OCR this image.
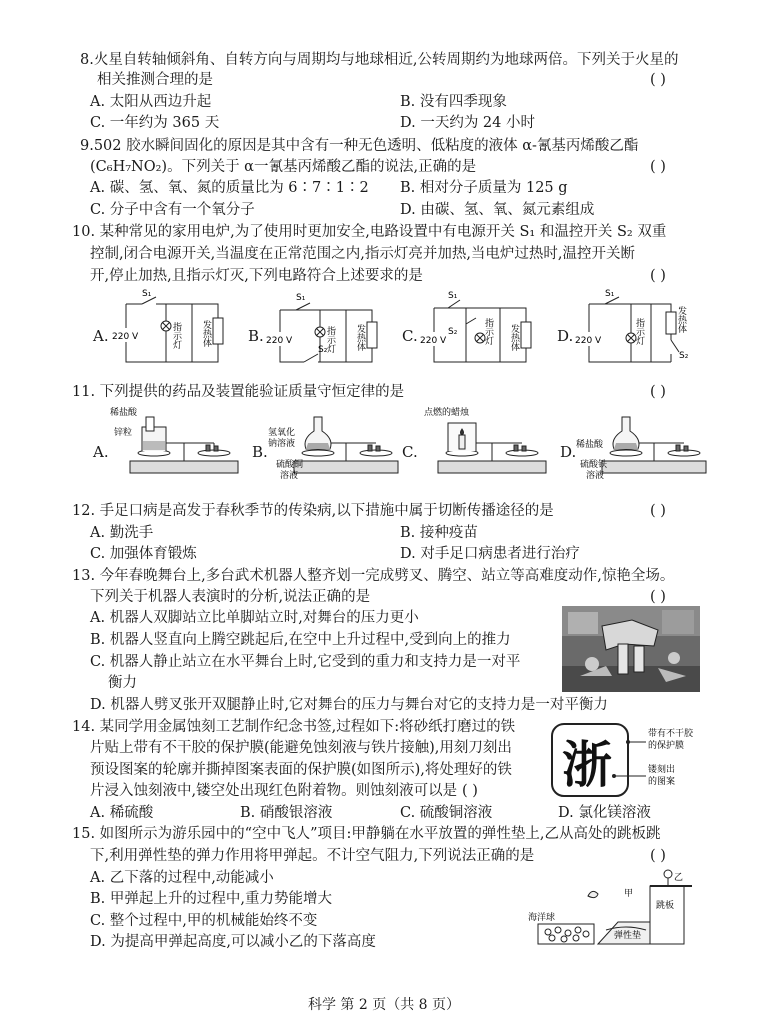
8.火星自转轴倾斜角、自转方向与周期均与地球相近,公转周期约为地球两倍。下列关于火星的
相关推测合理的是	( )
A. 太阳从西边升起	B. 没有四季现象
C. 一年约为 365 天	D. 一天约为 24 小时
9.502 胶水瞬间固化的原因是其中含有一种无色透明、低粘度的液体 α-氰基丙烯酸乙酯
(C₆H₇NO₂)。下列关于 α一氰基丙烯酸乙酯的说法,正确的是	( )
A. 碳、氢、氧、氮的质量比为 6∶7∶1∶2 B. 相对分子质量为 125 g
C. 分子中含有一个氧分子	D. 由碳、氢、氧、氮元素组成
10. 某种常见的家用电炉,为了使用时更加安全,电路设置中有电源开关 S₁ 和温控开关 S₂ 双重
控制,闭合电源开关,当温度在正常范围之内,指示灯亮并加热,当电炉过热时,温控开关断
开,停止加热,且指示灯灭,下列电路符合上述要求的是	( )
A.
S₁
220 V	指示灯 发热体 B.
S₁
S₂
220 V	指示灯 发热体 C.
S₁
S₂
220 V	指示灯 发热体	D.
S₁
S₂
220 V	指示灯	发热体
11. 下列提供的药品及装置能验证质量守恒定律的是	( )
A.
稀盐酸
锌粒
B.
氢氧化
钠溶液
硫酸铜
溶液
C.
点燃的蜡烛
D. 稀盐酸
硫酸铁
溶液
12. 手足口病是高发于春秋季节的传染病,以下措施中属于切断传播途径的是	( )
A. 勤洗手	B. 接种疫苗
C. 加强体育锻炼	D. 对手足口病患者进行治疗
13. 今年春晚舞台上,多台武术机器人整齐划一完成劈叉、腾空、站立等高难度动作,惊艳全场。
下列关于机器人表演时的分析,说法正确的是	( )
A. 机器人双脚站立比单脚站立时,对舞台的压力更小
B. 机器人竖直向上腾空跳起后,在空中上升过程中,受到向上的推力
C. 机器人静止站立在水平舞台上时,它受到的重力和支持力是一对平
衡力
D. 机器人劈叉张开双腿静止时,它对舞台的压力与舞台对它的支持力是一对平衡力
14. 某同学用金属蚀刻工艺制作纪念书签,过程如下:将砂纸打磨过的铁
片贴上带有不干胶的保护膜(能避免蚀刻液与铁片接触),用刻刀刻出
预设图案的轮廓并撕掉图案表面的保护膜(如图所示),将处理好的铁
片浸入蚀刻液中,镂空处出现红色附着物。则蚀刻液可以是 ( )
A. 稀硫酸	B. 硝酸银溶液	C. 硫酸铜溶液	D. 氯化镁溶液
浙
带有不干胶
的保护膜
镂刻出
的图案
15. 如图所示为游乐园中的“空中飞人”项目:甲静躺在水平放置的弹性垫上,乙从高处的跳板跳
下,利用弹性垫的弹力作用将甲弹起。不计空气阻力,下列说法正确的是	( )
A. 乙下落的过程中,动能减小
B. 甲弹起上升的过程中,重力势能增大
C. 整个过程中,甲的机械能始终不变
D. 为提高甲弹起高度,可以减小乙的下落高度
甲
乙
海洋球
弹性垫
跳板
科学 第 2 页（共 8 页）
